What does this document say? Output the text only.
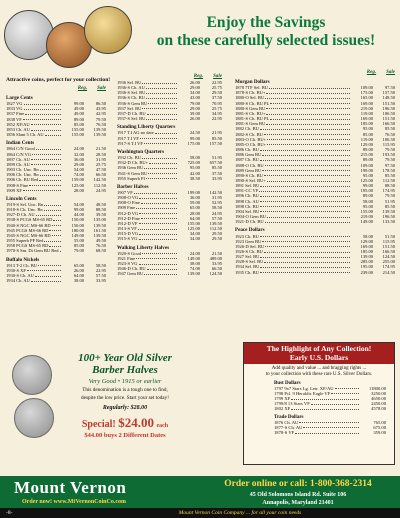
Enjoy the Savings
on these carefully selected issues!
Attractive coins, perfect for your collection!
Reg. Sale
Large Cents
1827 VG	99.00	86.50
1833 VG	49.00	43.95
1837 Fine	49.00	42.95
1838 VF	89.00	79.50
1852 XF/AU	85.00	76.50
1853 Ch. AU	155.00	139.50
1856 Slant 5 Ch. AU	155.00	139.50
Indian Cents
1864 C/N Good	24.00	21.50
1864 C/N VG	32.00	28.50
1897 Ch. AU	36.00	31.95
1899 Ch. AU	29.00	25.75
1903 Ch. Unc. Bn	54.00	47.50
1906 Ch. Unc. Bn	74.00	66.50
1906 Ch. BU Red	159.00	142.50
1908-S Fine	125.00	112.50
1909 XF	28.00	24.95
Lincoln Cents
1919-S Sel. Unc. Bn	54.00	48.50
1918-S Ch. Unc. Bn	99.00	88.50
1927-D Ch. AU	44.00	39.50
1938-S PCGS MS-65 RD	150.00	135.00
1940-S NGC MS-66 RD	150.00	139.50
1945 PCGS MS-66 RD	180.00	161.50
1945-S NGC MS-66 RD	149.00	139.50
1955 Superb PF Red	55.00	49.50
1958 PCGS MS-65 RD	85.00	76.50
1970-S Sm. Dt Gem BU Red	79.00	68.50
Buffalo Nickels
1913 T-2 Ch. BU	65.00	58.50
1930-S XF	26.00	22.95
1930-S Ch. AU	64.00	57.50
1934 Ch. AU	38.00	33.95
Reg. Sale
1936 Sel. BU	26.00	22.95
1936-S Ch. AU	29.00	25.75
1936-S Sel. BU	34.00	29.50
1936-S Ch. BU	43.00	37.50
1936-S Gem BU	79.00	70.95
1937 Sel. BU	29.00	25.75
1937-D Ch. BU	39.00	34.95
1937-S Sel. BU	26.00	22.95
Standing Liberty Quarters
1917 T.I AG no date	24.50	21.95
1917 T.I VF	99.00	85.50
1917-S T.I VF	175.00	157.50
Washington Quarters
1932 Ch. BU	58.00	51.95
1932-D Ch. BU+	725.00	657.50
1936 Gem BU	95.00	85.50
1941-S Gem BU	42.00	37.50
1955 Superb Pf	38.50	33.95
Barber Halves
1907 VF	199.00	142.50
1908-O VG	36.00	31.95
1908-O Fine	59.00	52.95
1909 Fine	65.00	58.50
1912-D VG	28.00	24.95
1912-D Fine	64.00	57.50
1912-D VF	155.00	139.50
1913-S VF	125.00	112.50
1915-D VG	34.00	29.50
1915-S VG	34.00	29.50
Walking Liberty Halves
1920-S Good	24.00	21.50
1921 Fine	149.00	489.00
1923-S VG	38.00	33.95
1946-D Ch. BU	74.00	66.50
1947 Gem BU	139.00	124.50
Reg. Sale
Morgan Dollars
1878 7TF Sel. BU	109.00	97.50
1878-S Ch. BU+	175.00	157.50
1880-O Sel. BU	165.00	148.50
1880-S Ch. BU PL	169.00	151.50
1880-S Gem BU	219.00	196.50
1881-S Ch. BU+	119.00	106.50
1881-S Ch. BU PL	169.00	151.50
1881-S Gem BU	185.00	166.50
1882 Ch. BU	95.00	85.50
1882-S Ch. BU	85.00	76.50
1883-O Ch. BU+	119.00	106.50
1885-O Ch. BU+	129.00	115.95
1886 Ch. BU	89.00	79.50
1886 Gem BU	215.00	193.50
1887 Ch. BU	89.00	79.50
1888-O Ch. BU	109.00	97.50
1889 Gem BU	199.00	178.50
1890-S Ch. BU	95.00	85.50
1890-S Sel. BU+	125.00	112.50
1891 Sel. BU	99.00	88.50
1891-CC VF	195.00	174.95
1896 Ch. BU	89.00	79.50
1898 Ch. AU	58.00	51.95
1898 Ch. BU	95.00	85.50
1904 Sel. BU	155.00	139.50
1904-O Gem BU	219.00	196.50
1921-D Ch. BU	149.00	133.50
Peace Dollars
1923 Ch. BU	58.00	51.50
1923 Gem BU	129.00	115.95
1926-D Sel. BU	169.00	151.50
1926-S Ch. BU	185.00	166.50
1927 Sel. BU	139.00	124.50
1928-S Sel. BU	285.00	255.00
1934 Sel. BU	195.00	174.95
1935 Ch. BU	239.00	214.50
100+ Year Old Silver
Barber Halves
Very Good • 1915 or earlier
This denomination is a tough one to find,
despite the low price. Start your set today!
Regularly: $28.00
Special! $24.00 each
$44.00 buys 2 Different Dates
The Highlight of Any Collection!
Early U.S. Dollars
Add quality and value ... and bragging rights ...
to your collection with these rare U.S. Silver Dollars.
Bust Dollars
1797 9x7 Stars Lg. Letr. XF/AU	11800.00
1798 Pcl. 9 Heraldic Eagle VF	3250.00
1799 XF	4650.00
1799/8 13 Stars VF	2450.00
1802 XF	4578.00
Trade Dollars
1876 Ch. AU	765.00
1877-S Ch. AU	675.00
1878-S VF	359.00
Mount Vernon
Order now! www.MtVernonCoinCo.com
Order online or call: 1-800-368-2314
45 Old Solomons Island Rd. Suite 106
Annapolis, Maryland 21401
-8-	Mount Vernon Coin Company ... for all your coin needs
